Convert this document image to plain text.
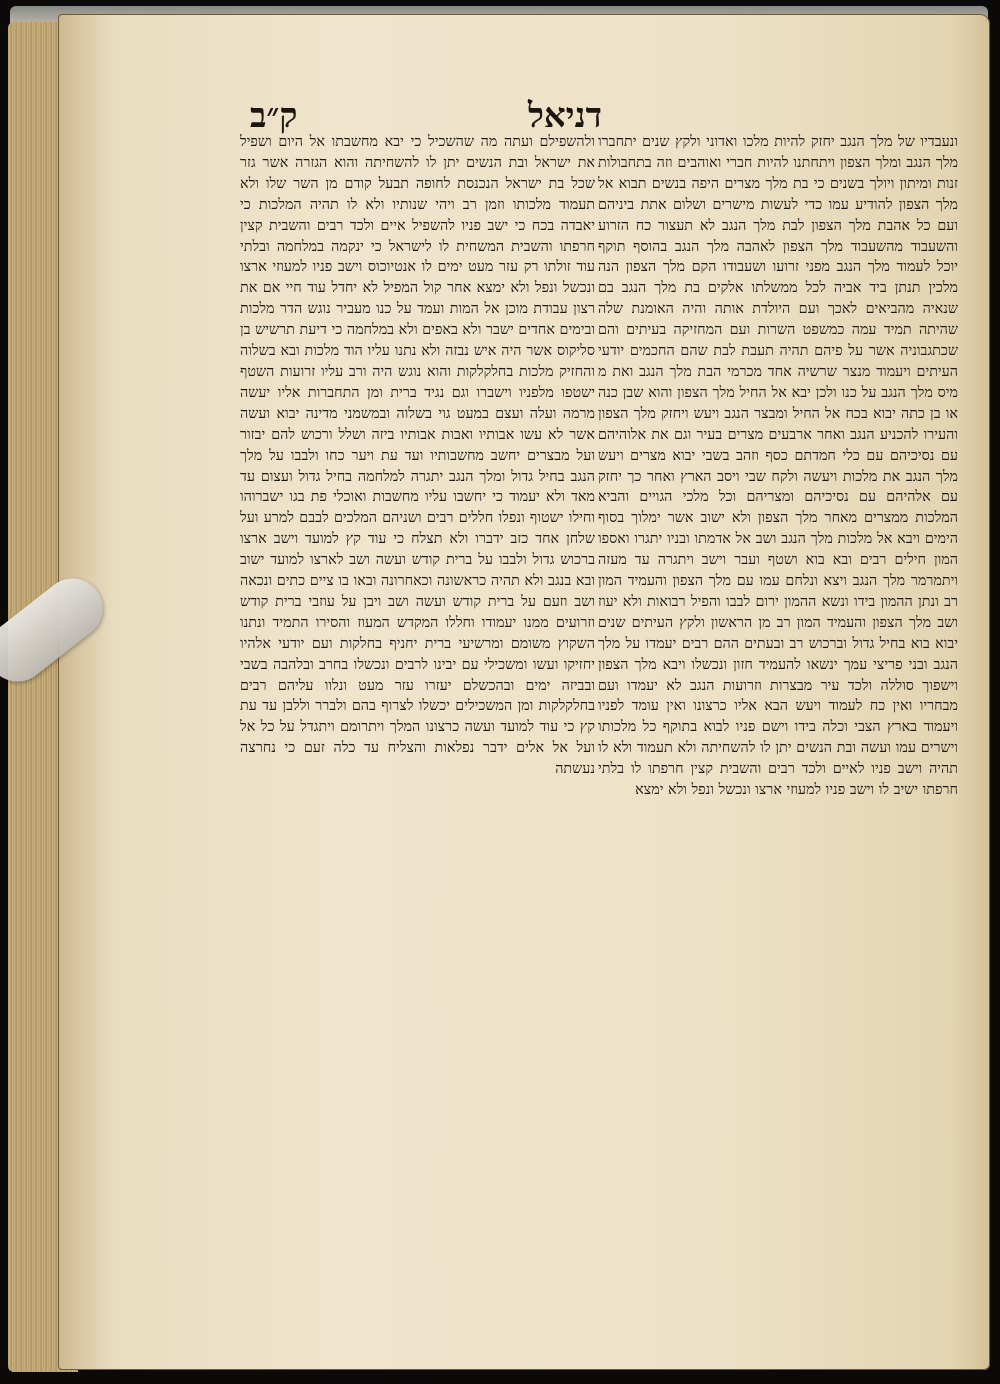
דניאל
ק״ב

ולהשפילם ועתה מה שהשכיל כי יבא מחשבתו אל היום ושפיל את ישראל ובת הנשים יתן לו להשחיתה והוא הגזרה אשר גזר שכל בת ישראל הנכנסת לחופה תבעל קודם מן השר שלו ולא תעמוד מלכותו וזמן רב ויהי שנותיו ולא לו תהיה המלכות כי יאבדה בכח כי ישב פניו להשפיל איים ולכד רבים והשבית קצין חרפתו והשבית המשחית לו לישראל כי ינקמה במלחמה ובלתי עוד זולתו רק עזר מעט ימים לו אנטיוכוס וישב פניו למעוזי ארצו ונכשל ונפל ולא ימצא אחר קול המפיל לא יחדל עוד חיי אם את רצון עבודת מוכן אל המות ועמד על כנו מעביר נוגש הדר מלכות ובימים אחדים ישבר ולא באפים ולא במלחמה כי דיעת תרשיש בן סליקוס אשר היה איש נבזה ולא נתנו עליו הוד מלכות ובא בשלוה והחזיק מלכות בחלקלקות והוא נוגש היה ורב עליו זרועות השטף ישטפו מלפניו וישברו וגם נגיד ברית ומן התחברות אליו יעשה מרמה ועלה ועצם במעט גוי בשלוה ובמשמני מדינה יבוא ועשה אשר לא עשו אבותיו ואבות אבותיו ביזה ושלל ורכוש להם יבזור ועל מבצרים יחשב מחשבותיו ועד עת ויער כחו ולבבו על מלך הנגב בחיל גדול ומלך הנגב יתגרה למלחמה בחיל גדול ועצום עד מאד ולא יעמוד כי יחשבו עליו מחשבות ואוכלי פת בגו ישברוהו וחילו ישטוף ונפלו חללים רבים ושניהם המלכים לבבם למרע ועל שלחן אחד כזב ידברו ולא תצלח כי עוד קץ למועד וישב ארצו ברכוש גדול ולבבו על ברית קודש ועשה ושב לארצו למועד ישוב ובא בנגב ולא תהיה כראשונה וכאחרונה ובאו בו ציים כתים ונכאה ושב וזעם על ברית קודש ועשה ושב ויבן על עוזבי ברית קודש וזרועים ממנו יעמודו וחללו המקדש המעוז והסירו התמיד ונתנו השקוץ משומם ומרשיעי ברית יחניף בחלקות ועם יודעי אלהיו יחזיקו ועשו ומשכילי עם יבינו לרבים ונכשלו בחרב ובלהבה בשבי ובביזה ימים ובהכשלם יעזרו עזר מעט ונלוו עליהם רבים בחלקלקות ומן המשכילים יכשלו לצרוף בהם ולברר וללבן עד עת קץ כי עוד למועד ועשה כרצונו המלך ויתרומם ויתגדל על כל אל ועל אל אלים ידבר נפלאות והצליח עד כלה זעם כי נחרצה נעשתה

ונעבדיו של מלך הנגב יחזק להיות מלכו ואדוני ולקץ שנים יתחברו מלך הנגב ומלך הצפון ויתחתנו להיות חברי ואוהבים וזה בתחבולות זנות ומיתון ויולך בשנים כי בת מלך מצרים היפה בנשים תבוא אל מלך הצפון להודיע עמו כדי לעשות מישרים ושלום אתת ביניהם ועם כל אהבת מלך הצפון לבת מלך הנגב לא תעצור כח הזרוע והשעבוד מהשעבוד מלך הצפון לאהבה מלך הנגב בהוסף תוקף יוכל לעמוד מלך הנגב מפני זרועו ושעבודו הקם מלך הצפון הנה מלכין תנתן ביד אביה לכל ממשלתו אלקים בת מלך הנגב בם שנאיה מהביאים לאכך ועם היולדת אותה והיה האומנת שלה שהיתה תמיד עמה כמשפט השרות ועם המחזיקה בעיתים והם שכתגבוניה אשר על פיהם תהיה תעבת לבת שהם החכמים יודעי העיתים ויעמוד מנצר שרשיה אחד מכרמי הבת מלך הנגב ואת מ מיס מלך הנגב על כנו ולכן יבא אל החיל מלך הצפון והוא שבן כנה או בן כתה יבוא בכח אל החיל ומבצר הנגב ויעש ויחזק מלך הצפון והעירו להכניע הנגב ואחר ארבעים מצרים בעיר וגם את אלוהיהם עם נסיכיהם עם כלי חמדתם כסף וזהב בשבי יבוא מצרים ויעש מלך הנגב את מלכות ויעשה ולקח שבי ויסב הארץ ואחר כך יחזק עם אלהיהם עם נסיכיהם ומצריהם וכל מלכי הגויים והביא המלכות ממצרים מאחר מלך הצפון ולא ישוב אשר ימלוך בסוף הימים ויבא אל מלכות מלך הנגב ושב אל אדמתו ובניו יתגרו ואספו המון חילים רבים ובא בוא ושטף ועבר וישב ויתגרה עד מעזה ויתמרמר מלך הנגב ויצא ונלחם עמו עם מלך הצפון והעמיד המון רב ונתן ההמון בידו ונשא ההמון ירום לבבו והפיל רבואות ולא יעוז ושב מלך הצפון והעמיד המון רב מן הראשון ולקץ העיתים שנים יבוא בוא בחיל גדול וברכוש רב ובעתים ההם רבים יעמדו על מלך הנגב ובני פריצי עמך ינשאו להעמיד חזון ונכשלו ויבא מלך הצפון וישפוך סוללה ולכד עיר מבצרות וזרועות הנגב לא יעמדו ועם מבחריו ואין כח לעמוד ויעש הבא אליו כרצונו ואין עומד לפניו ויעמוד בארץ הצבי וכלה בידו וישם פניו לבוא בתוקף כל מלכותו וישרים עמו ועשה ובת הנשים יתן לו להשחיתה ולא תעמוד ולא לו תהיה וישב פניו לאיים ולכד רבים והשבית קצין חרפתו לו בלתי חרפתו ישיב לו וישב פניו למעוזי ארצו ונכשל ונפל ולא ימצא
